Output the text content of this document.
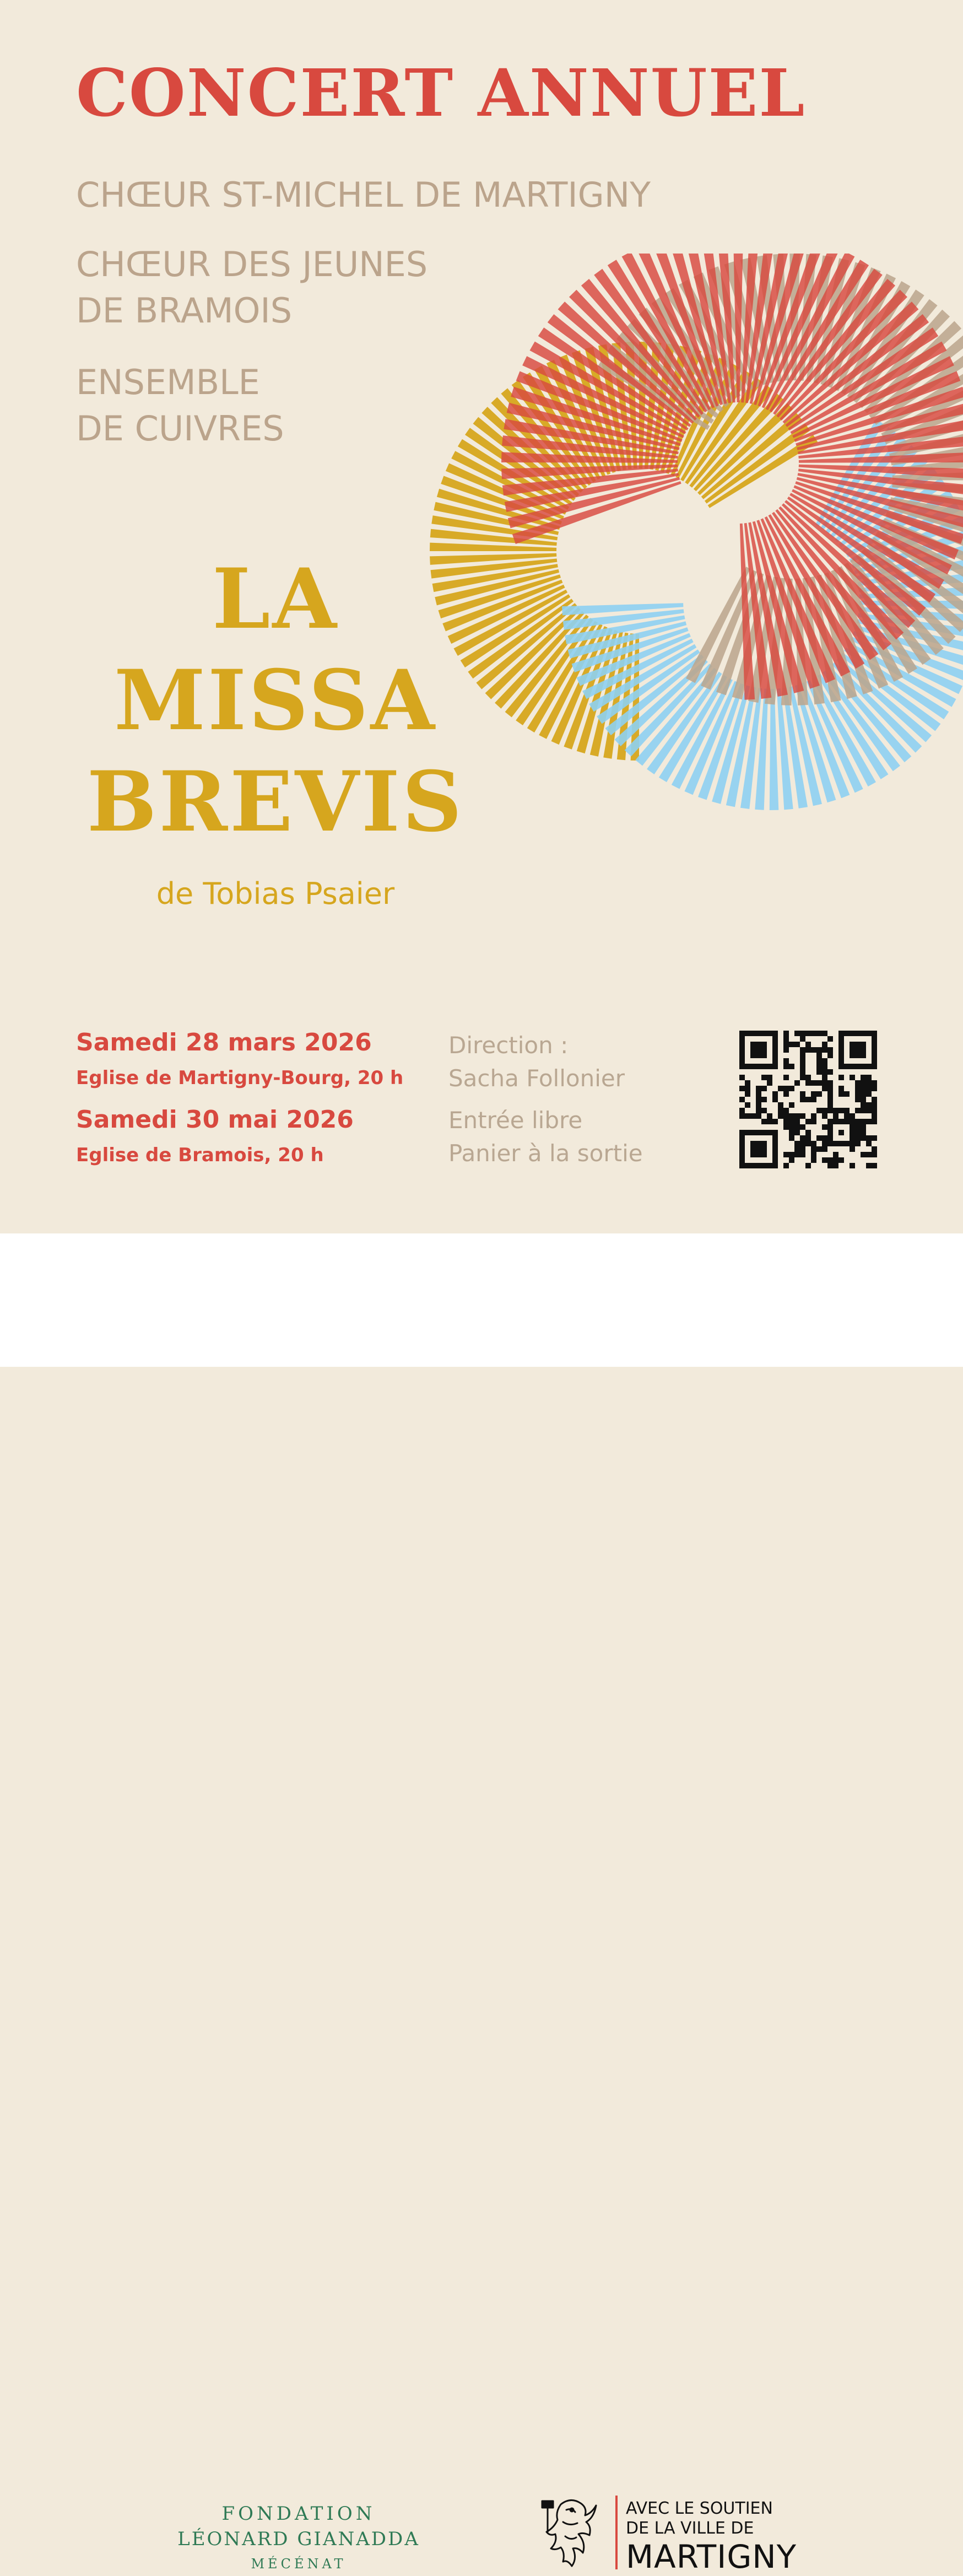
CONCERT ANNUEL

CHŒUR ST-MICHEL DE MARTIGNY

CHŒUR DES JEUNES
DE BRAMOIS

ENSEMBLE
DE CUIVRES

LA
MISSA
BREVIS

de Tobias Psaier

Samedi 28 mars 2026

Eglise de Martigny-Bourg, 20 h

Samedi 30 mai 2026

Eglise de Bramois, 20 h

Direction :

Sacha Follonier

Entrée libre

Panier à la sortie

FONDATION
LÉONARD GIANADDA
MÉCÉNAT
AVEC LE SOUTIEN
DE LA VILLE DE
MARTIGNY
